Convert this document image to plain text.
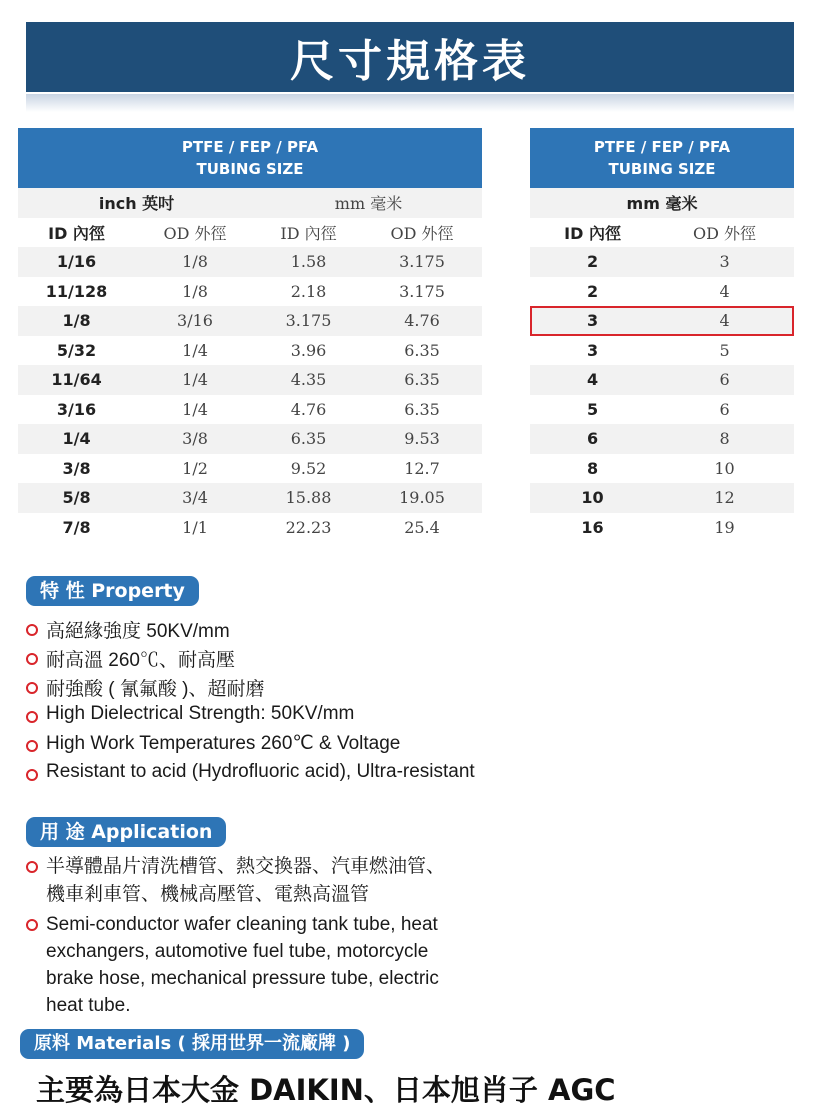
尺寸規格表
PTFE / FEP / PFA
TUBING SIZE			
inch 英吋		mm 毫米	
ID 內徑	OD 外徑	ID 內徑	OD 外徑
1/16	1/8	1.58	3.175
11/128	1/8	2.18	3.175
1/8	3/16	3.175	4.76
5/32	1/4	3.96	6.35
11/64	1/4	4.35	6.35
3/16	1/4	4.76	6.35
1/4	3/8	6.35	9.53
3/8	1/2	9.52	12.7
5/8	3/4	15.88	19.05
7/8	1/1	22.23	25.4
PTFE / FEP / PFA
TUBING SIZE	
mm 毫米	
ID 內徑	OD 外徑
2	3
2	4
3	4
3	5
4	6
5	6
6	8
8	10
10	12
16	19
特 性 Property
高絕緣強度 50KV/mm
耐高溫 260℃、耐高壓
耐強酸 ( 氰氟酸 )、超耐磨
High Dielectrical Strength: 50KV/mm
High Work Temperatures 260℃ & Voltage
Resistant to acid (Hydrofluoric acid), Ultra-resistant
用 途 Application
半導體晶片清洗槽管、熱交換器、汽車燃油管、機車剎車管、機械高壓管、電熱高溫管
Semi-conductor wafer cleaning tank tube, heat exchangers, automotive fuel tube, motorcycle brake hose, mechanical pressure tube, electric heat tube.
原料 Materials ( 採用世界一流廠牌 )
主要為日本大金 DAIKIN、日本旭肖子 AGC
